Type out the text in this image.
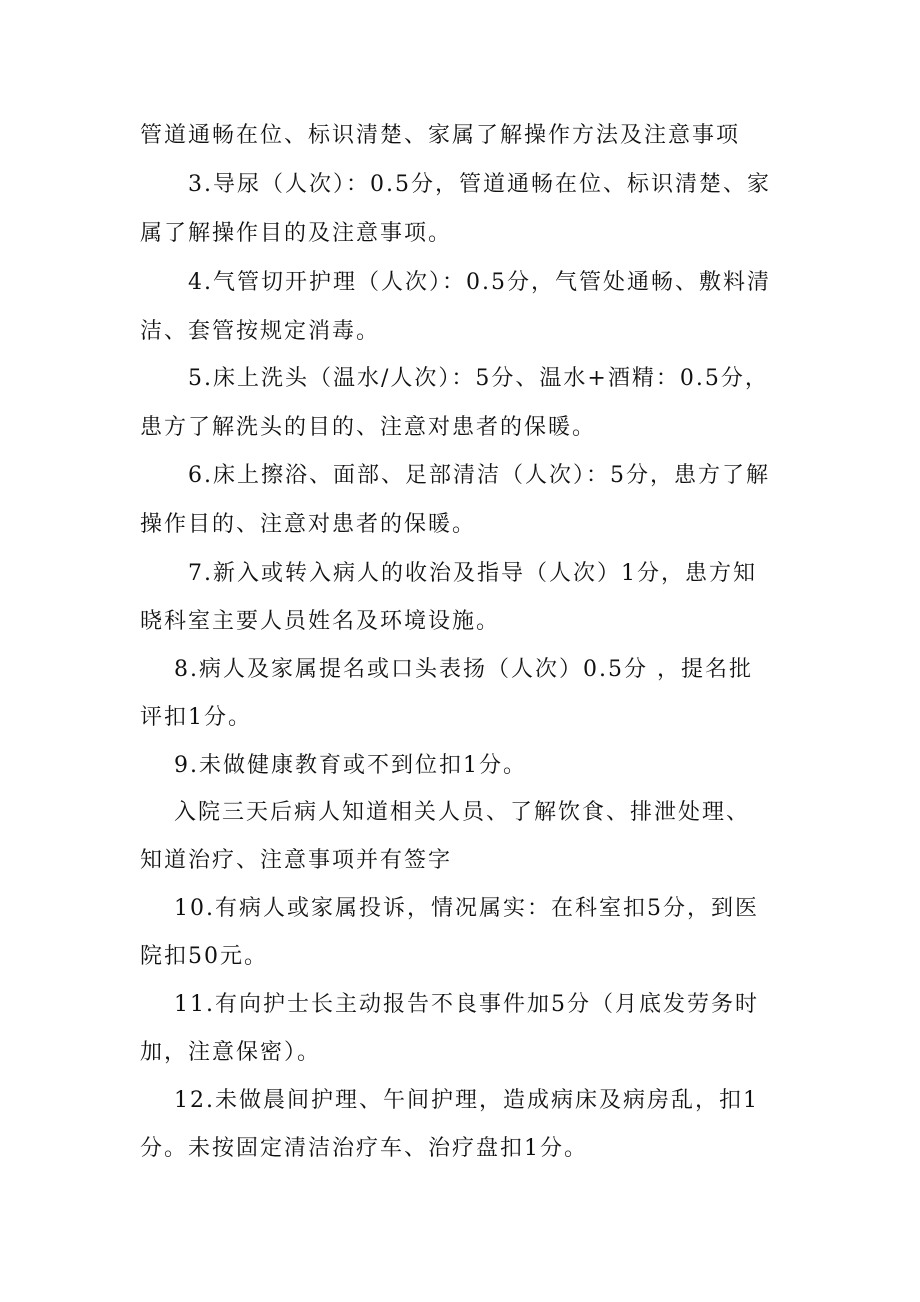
管道通畅在位、标识清楚、家属了解操作方法及注意事项
3.导尿（人次）：0.5分，管道通畅在位、标识清楚、家
属了解操作目的及注意事项。
4.气管切开护理（人次）：0.5分，气管处通畅、敷料清
洁、套管按规定消毒。
5.床上洗头（温水/人次）：5分、温水+酒精：0.5分，
患方了解洗头的目的、注意对患者的保暖。
6.床上擦浴、面部、足部清洁（人次）：5分，患方了解
操作目的、注意对患者的保暖。
7.新入或转入病人的收治及指导（人次）1分，患方知
晓科室主要人员姓名及环境设施。
8.病人及家属提名或口头表扬（人次）0.5分 ，提名批
评扣1分。
9.未做健康教育或不到位扣1分。
入院三天后病人知道相关人员、了解饮食、排泄处理、
知道治疗、注意事项并有签字
10.有病人或家属投诉，情况属实：在科室扣5分，到医
院扣50元。
11.有向护士长主动报告不良事件加5分（月底发劳务时
加，注意保密）。
12.未做晨间护理、午间护理，造成病床及病房乱，扣1
分。未按固定清洁治疗车、治疗盘扣1分。
